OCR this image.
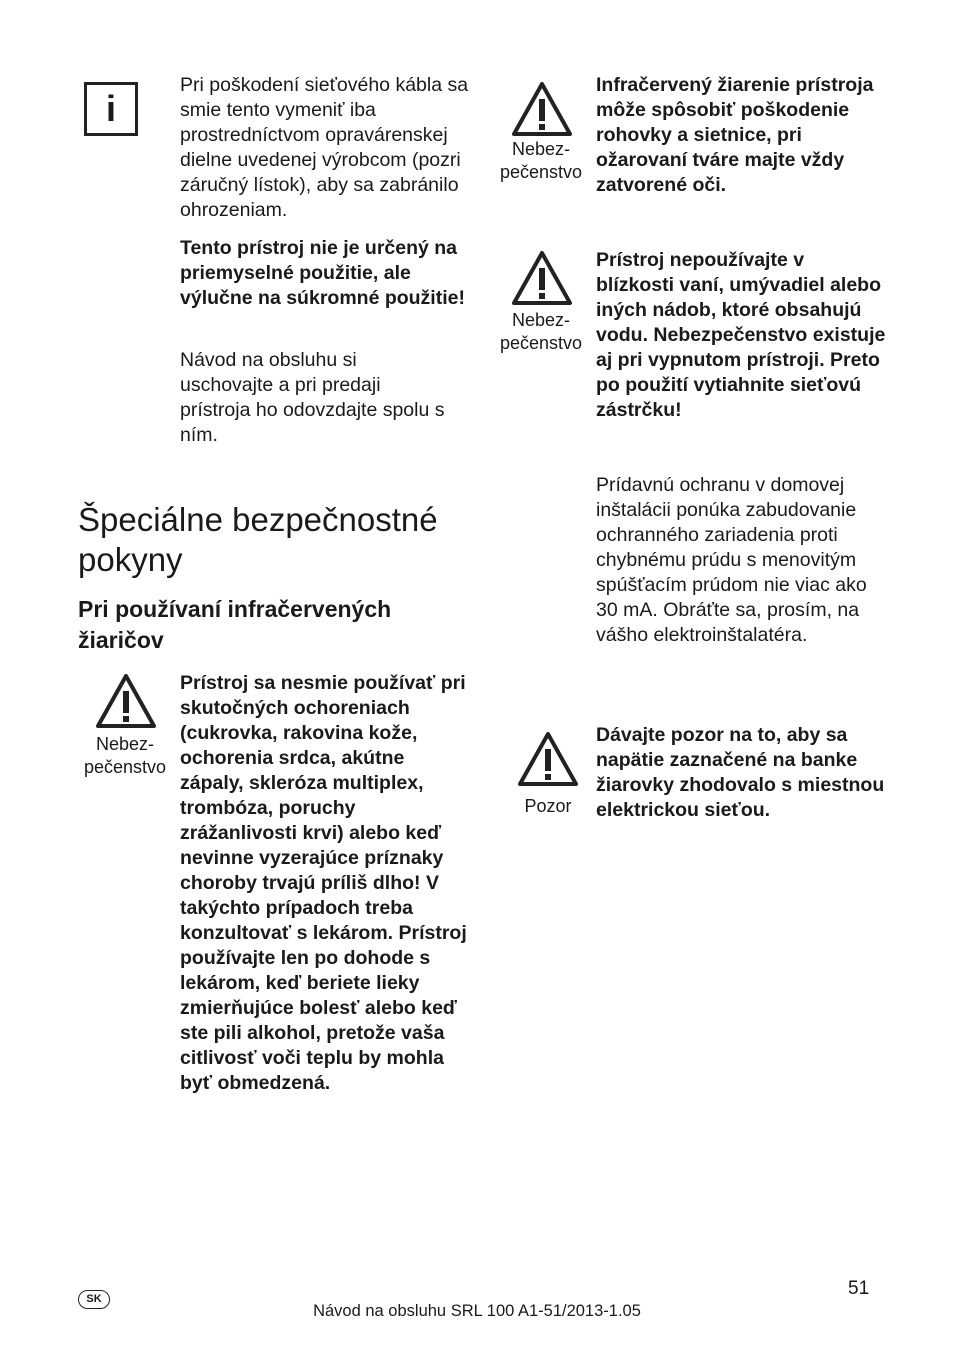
i

Pri poškodení sieťového kábla sa smie tento vymeniť iba prostredníctvom opravárenskej dielne uvedenej výrobcom (pozri záručný lístok), aby sa zabránilo ohrozeniam.

Tento prístroj nie je určený na priemyselné použitie, ale výlučne na súkromné použitie!

Návod na obsluhu si uschovajte a pri predaji prístroja ho odovzdajte spolu s ním.

Špeciálne bezpečnostné pokyny
Pri používaní infračervených žiaričov
Nebez-pečenstvo

Prístroj sa nesmie používať pri skutočných ochoreniach (cukrovka, rakovina kože, ochorenia srdca, akútne zápaly, skleróza multiplex, trombóza, poruchy zrážanlivosti krvi) alebo keď nevinne vyzerajúce príznaky choroby trvajú príliš dlho! V takýchto prípadoch treba konzultovať s lekárom. Prístroj používajte len po dohode s lekárom, keď beriete lieky zmierňujúce bolesť alebo keď ste pili alkohol, pretože vaša citlivosť voči teplu by mohla byť obmedzená.

Nebez-pečenstvo

Infračervený žiarenie prístroja môže spôsobiť poškodenie rohovky a sietnice, pri ožarovaní tváre majte vždy zatvorené oči.

Nebez-pečenstvo

Prístroj nepoužívajte v blízkosti vaní, umývadiel alebo iných nádob, ktoré obsahujú vodu. Nebezpečenstvo existuje aj pri vypnutom prístroji. Preto po použití vytiahnite sieťovú zástrčku!

Prídavnú ochranu v domovej inštalácii ponúka zabudovanie ochranného zariadenia proti chybnému prúdu s menovitým spúšťacím prúdom nie viac ako 30 mA. Obráťte sa, prosím, na vášho elektroinštalatéra.

Pozor

Dávajte pozor na to, aby sa napätie zaznačené na banke žiarovky zhodovalo s miestnou elektrickou sieťou.

SK	51
Návod na obsluhu SRL 100 A1-51/2013-1.05
